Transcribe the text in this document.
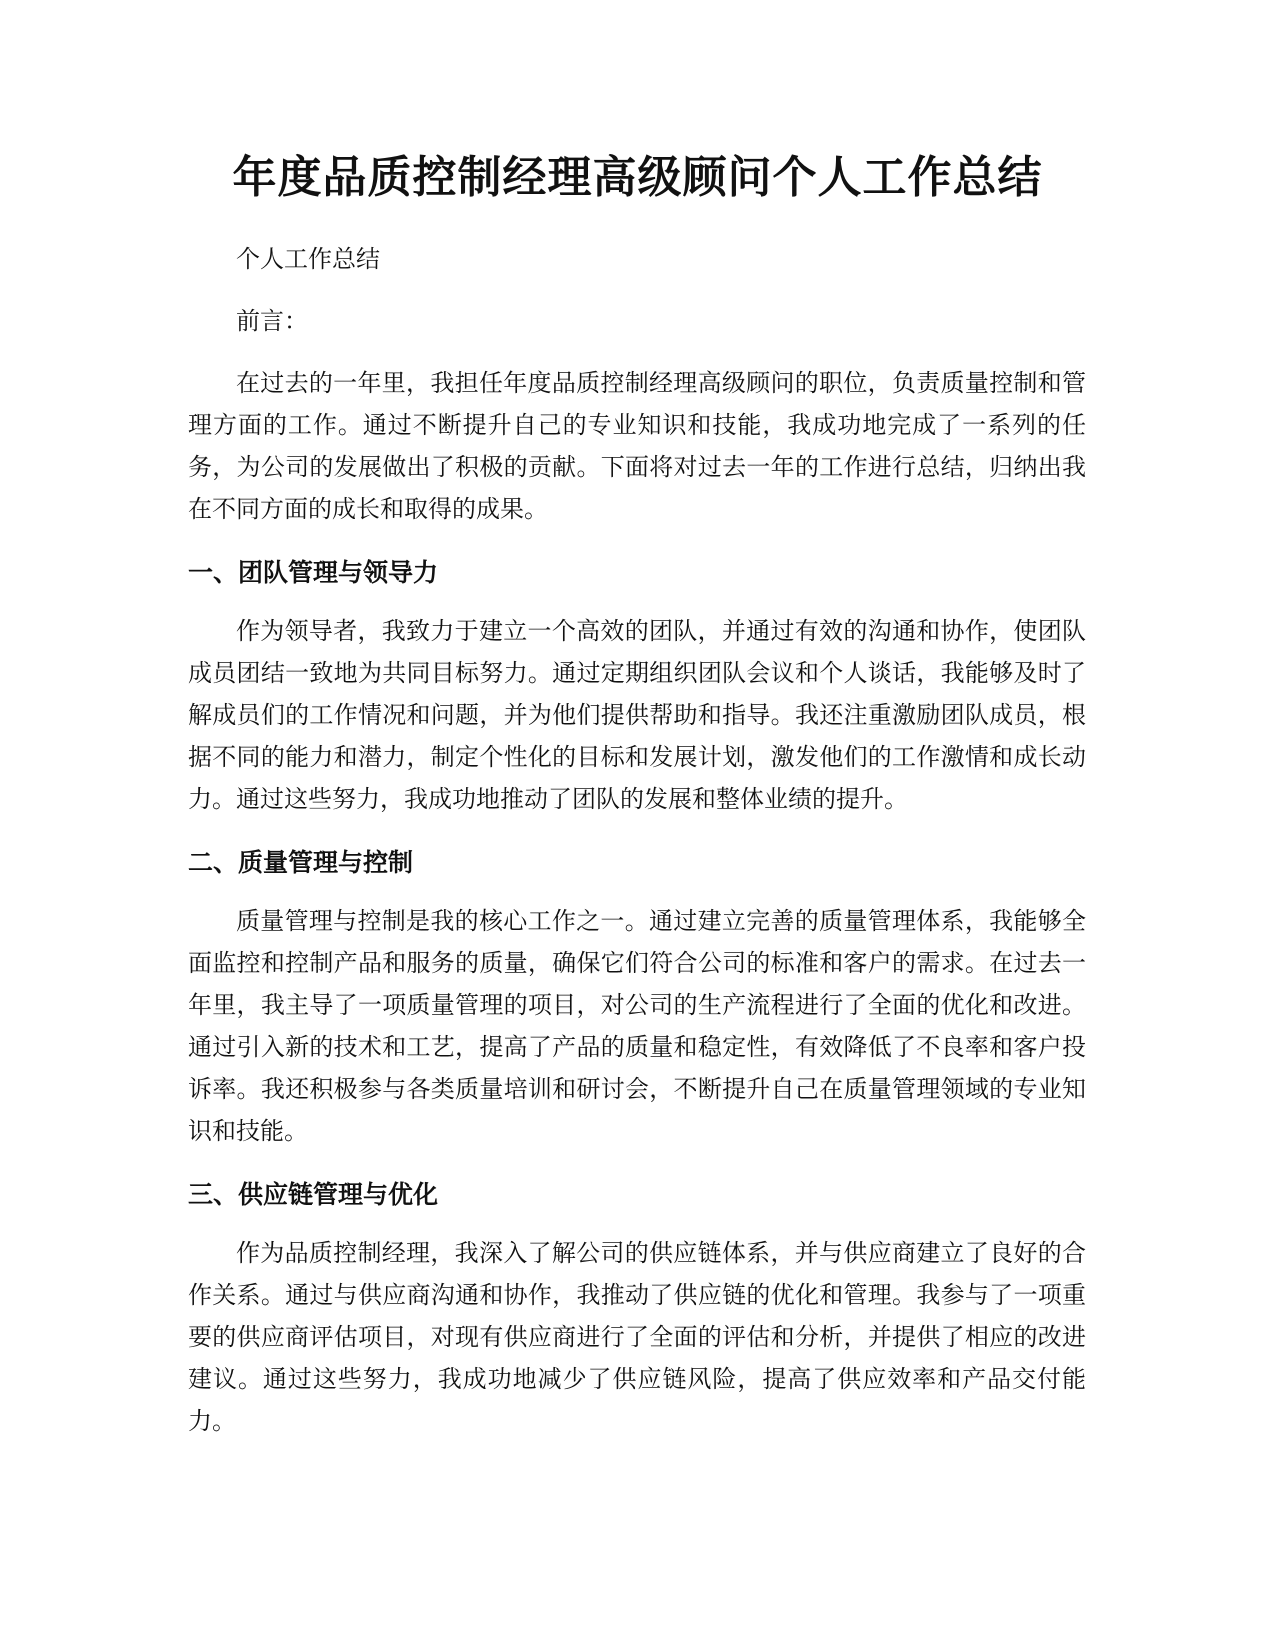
年度品质控制经理高级顾问个人工作总结

个人工作总结

前言：

在过去的一年里，我担任年度品质控制经理高级顾问的职位，负责质量控制和管理方面的工作。通过不断提升自己的专业知识和技能，我成功地完成了一系列的任务，为公司的发展做出了积极的贡献。下面将对过去一年的工作进行总结，归纳出我在不同方面的成长和取得的成果。

一、团队管理与领导力

作为领导者，我致力于建立一个高效的团队，并通过有效的沟通和协作，使团队成员团结一致地为共同目标努力。通过定期组织团队会议和个人谈话，我能够及时了解成员们的工作情况和问题，并为他们提供帮助和指导。我还注重激励团队成员，根据不同的能力和潜力，制定个性化的目标和发展计划，激发他们的工作激情和成长动力。通过这些努力，我成功地推动了团队的发展和整体业绩的提升。

二、质量管理与控制

质量管理与控制是我的核心工作之一。通过建立完善的质量管理体系，我能够全面监控和控制产品和服务的质量，确保它们符合公司的标准和客户的需求。在过去一年里，我主导了一项质量管理的项目，对公司的生产流程进行了全面的优化和改进。通过引入新的技术和工艺，提高了产品的质量和稳定性，有效降低了不良率和客户投诉率。我还积极参与各类质量培训和研讨会，不断提升自己在质量管理领域的专业知识和技能。

三、供应链管理与优化

作为品质控制经理，我深入了解公司的供应链体系，并与供应商建立了良好的合作关系。通过与供应商沟通和协作，我推动了供应链的优化和管理。我参与了一项重要的供应商评估项目，对现有供应商进行了全面的评估和分析，并提供了相应的改进建议。通过这些努力，我成功地减少了供应链风险，提高了供应效率和产品交付能力。
